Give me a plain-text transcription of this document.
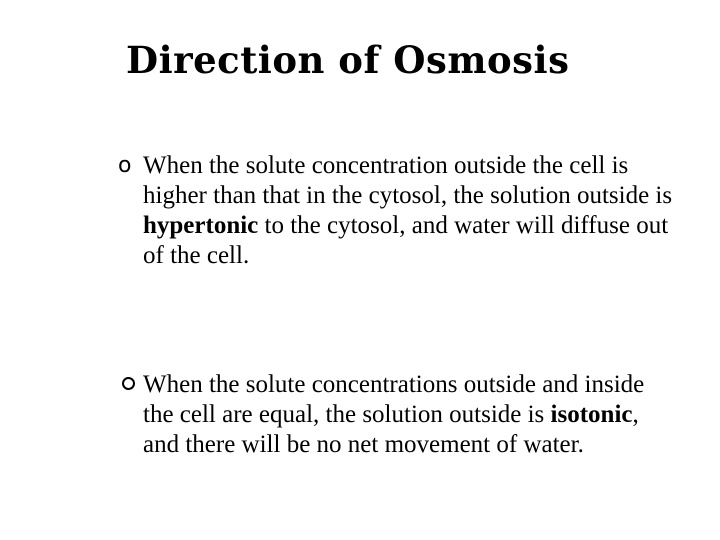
Direction of Osmosis
o When the solute concentration outside the cell is higher than that in the cytosol, the solution outside is hypertonic to the cytosol, and water will diffuse out of the cell.
When the solute concentrations outside and inside the cell are equal, the solution outside is isotonic, and there will be no net movement of water.
